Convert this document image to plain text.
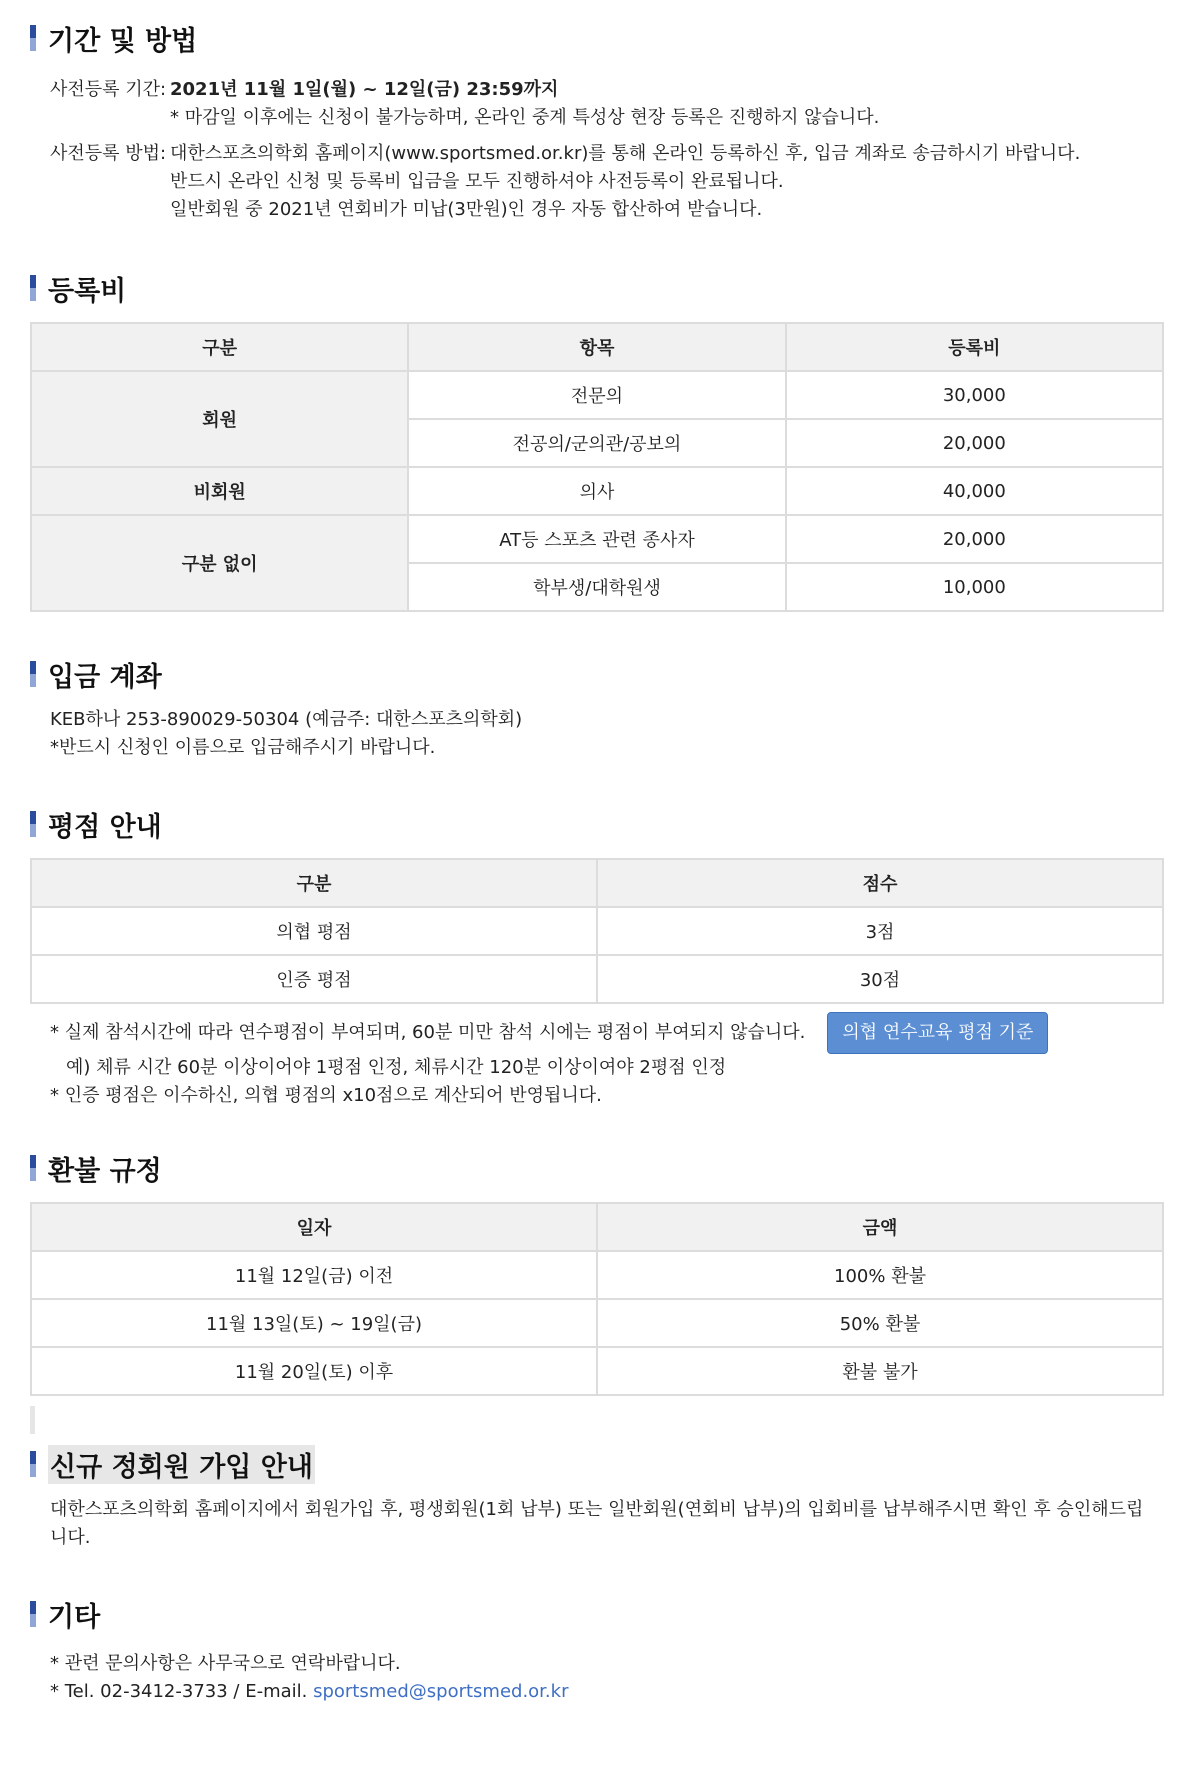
기간 및 방법
사전등록 기간: 2021년 11월 1일(월) ~ 12일(금) 23:59까지
* 마감일 이후에는 신청이 불가능하며, 온라인 중계 특성상 현장 등록은 진행하지 않습니다.
사전등록 방법: 대한스포츠의학회 홈페이지(www.sportsmed.or.kr)를 통해 온라인 등록하신 후, 입금 계좌로 송금하시기 바랍니다.
반드시 온라인 신청 및 등록비 입금을 모두 진행하셔야 사전등록이 완료됩니다.
일반회원 중 2021년 연회비가 미납(3만원)인 경우 자동 합산하여 받습니다.
등록비
구분	항목	등록비
회원	전문의	30,000
	전공의/군의관/공보의	20,000
비회원	의사	40,000
구분 없이	AT등 스포츠 관련 종사자	20,000
	학부생/대학원생	10,000
입금 계좌
KEB하나 253-890029-50304 (예금주: 대한스포츠의학회)
*반드시 신청인 이름으로 입금해주시기 바랍니다.
평점 안내
구분	점수
의협 평점	3점
인증 평점	30점
* 실제 참석시간에 따라 연수평점이 부여되며, 60분 미만 참석 시에는 평점이 부여되지 않습니다.	의협 연수교육 평점 기준
예) 체류 시간 60분 이상이어야 1평점 인정, 체류시간 120분 이상이여야 2평점 인정
* 인증 평점은 이수하신, 의협 평점의 x10점으로 계산되어 반영됩니다.
환불 규정
일자	금액
11월 12일(금) 이전	100% 환불
11월 13일(토) ~ 19일(금)	50% 환불
11월 20일(토) 이후	환불 불가
신규 정회원 가입 안내
대한스포츠의학회 홈페이지에서 회원가입 후, 평생회원(1회 납부) 또는 일반회원(연회비 납부)의 입회비를 납부해주시면 확인 후 승인해드립니다.
기타
* 관련 문의사항은 사무국으로 연락바랍니다.
* Tel. 02-3412-3733 / E-mail. sportsmed@sportsmed.or.kr
